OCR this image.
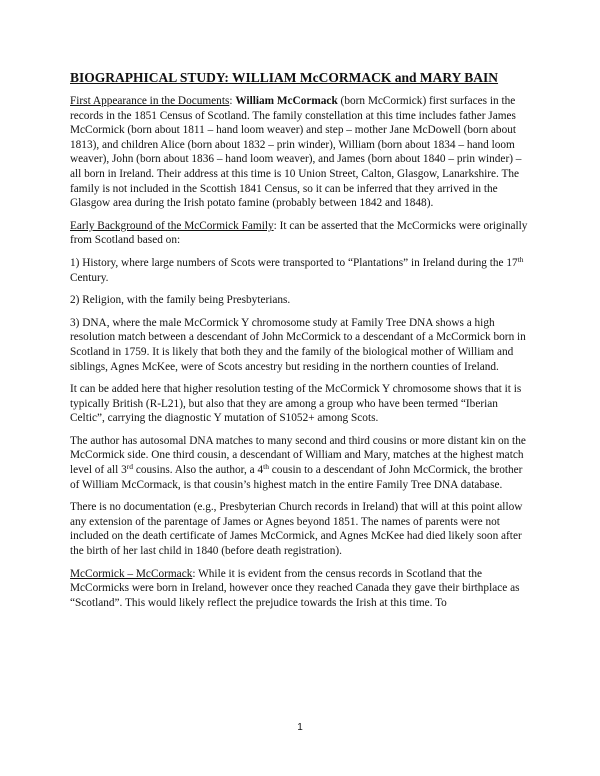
BIOGRAPHICAL STUDY: WILLIAM McCORMACK and MARY BAIN

First Appearance in the Documents: William McCormack (born McCormick) first surfaces in the records in the 1851 Census of Scotland. The family constellation at this time includes father James McCormick (born about 1811 – hand loom weaver) and step – mother Jane McDowell (born about 1813), and children Alice (born about 1832 – prin winder), William (born about 1834 – hand loom weaver), John (born about 1836 – hand loom weaver), and James (born about 1840 – prin winder) – all born in Ireland. Their address at this time is 10 Union Street, Calton, Glasgow, Lanarkshire. The family is not included in the Scottish 1841 Census, so it can be inferred that they arrived in the Glasgow area during the Irish potato famine (probably between 1842 and 1848).

Early Background of the McCormick Family: It can be asserted that the McCormicks were originally from Scotland based on:

1) History, where large numbers of Scots were transported to “Plantations” in Ireland during the 17th Century.

2) Religion, with the family being Presbyterians.

3) DNA, where the male McCormick Y chromosome study at Family Tree DNA shows a high resolution match between a descendant of John McCormick to a descendant of a McCormick born in Scotland in 1759. It is likely that both they and the family of the biological mother of William and siblings, Agnes McKee, were of Scots ancestry but residing in the northern counties of Ireland.

It can be added here that higher resolution testing of the McCormick Y chromosome shows that it is typically British (R-L21), but also that they are among a group who have been termed “Iberian Celtic”, carrying the diagnostic Y mutation of S1052+ among Scots.

The author has autosomal DNA matches to many second and third cousins or more distant kin on the McCormick side. One third cousin, a descendant of William and Mary, matches at the highest match level of all 3rd cousins. Also the author, a 4th cousin to a descendant of John McCormick, the brother of William McCormack, is that cousin’s highest match in the entire Family Tree DNA database.

There is no documentation (e.g., Presbyterian Church records in Ireland) that will at this point allow any extension of the parentage of James or Agnes beyond 1851. The names of parents were not included on the death certificate of James McCormick, and Agnes McKee had died likely soon after the birth of her last child in 1840 (before death registration).

McCormick – McCormack: While it is evident from the census records in Scotland that the McCormicks were born in Ireland, however once they reached Canada they gave their birthplace as “Scotland”. This would likely reflect the prejudice towards the Irish at this time. To

1
